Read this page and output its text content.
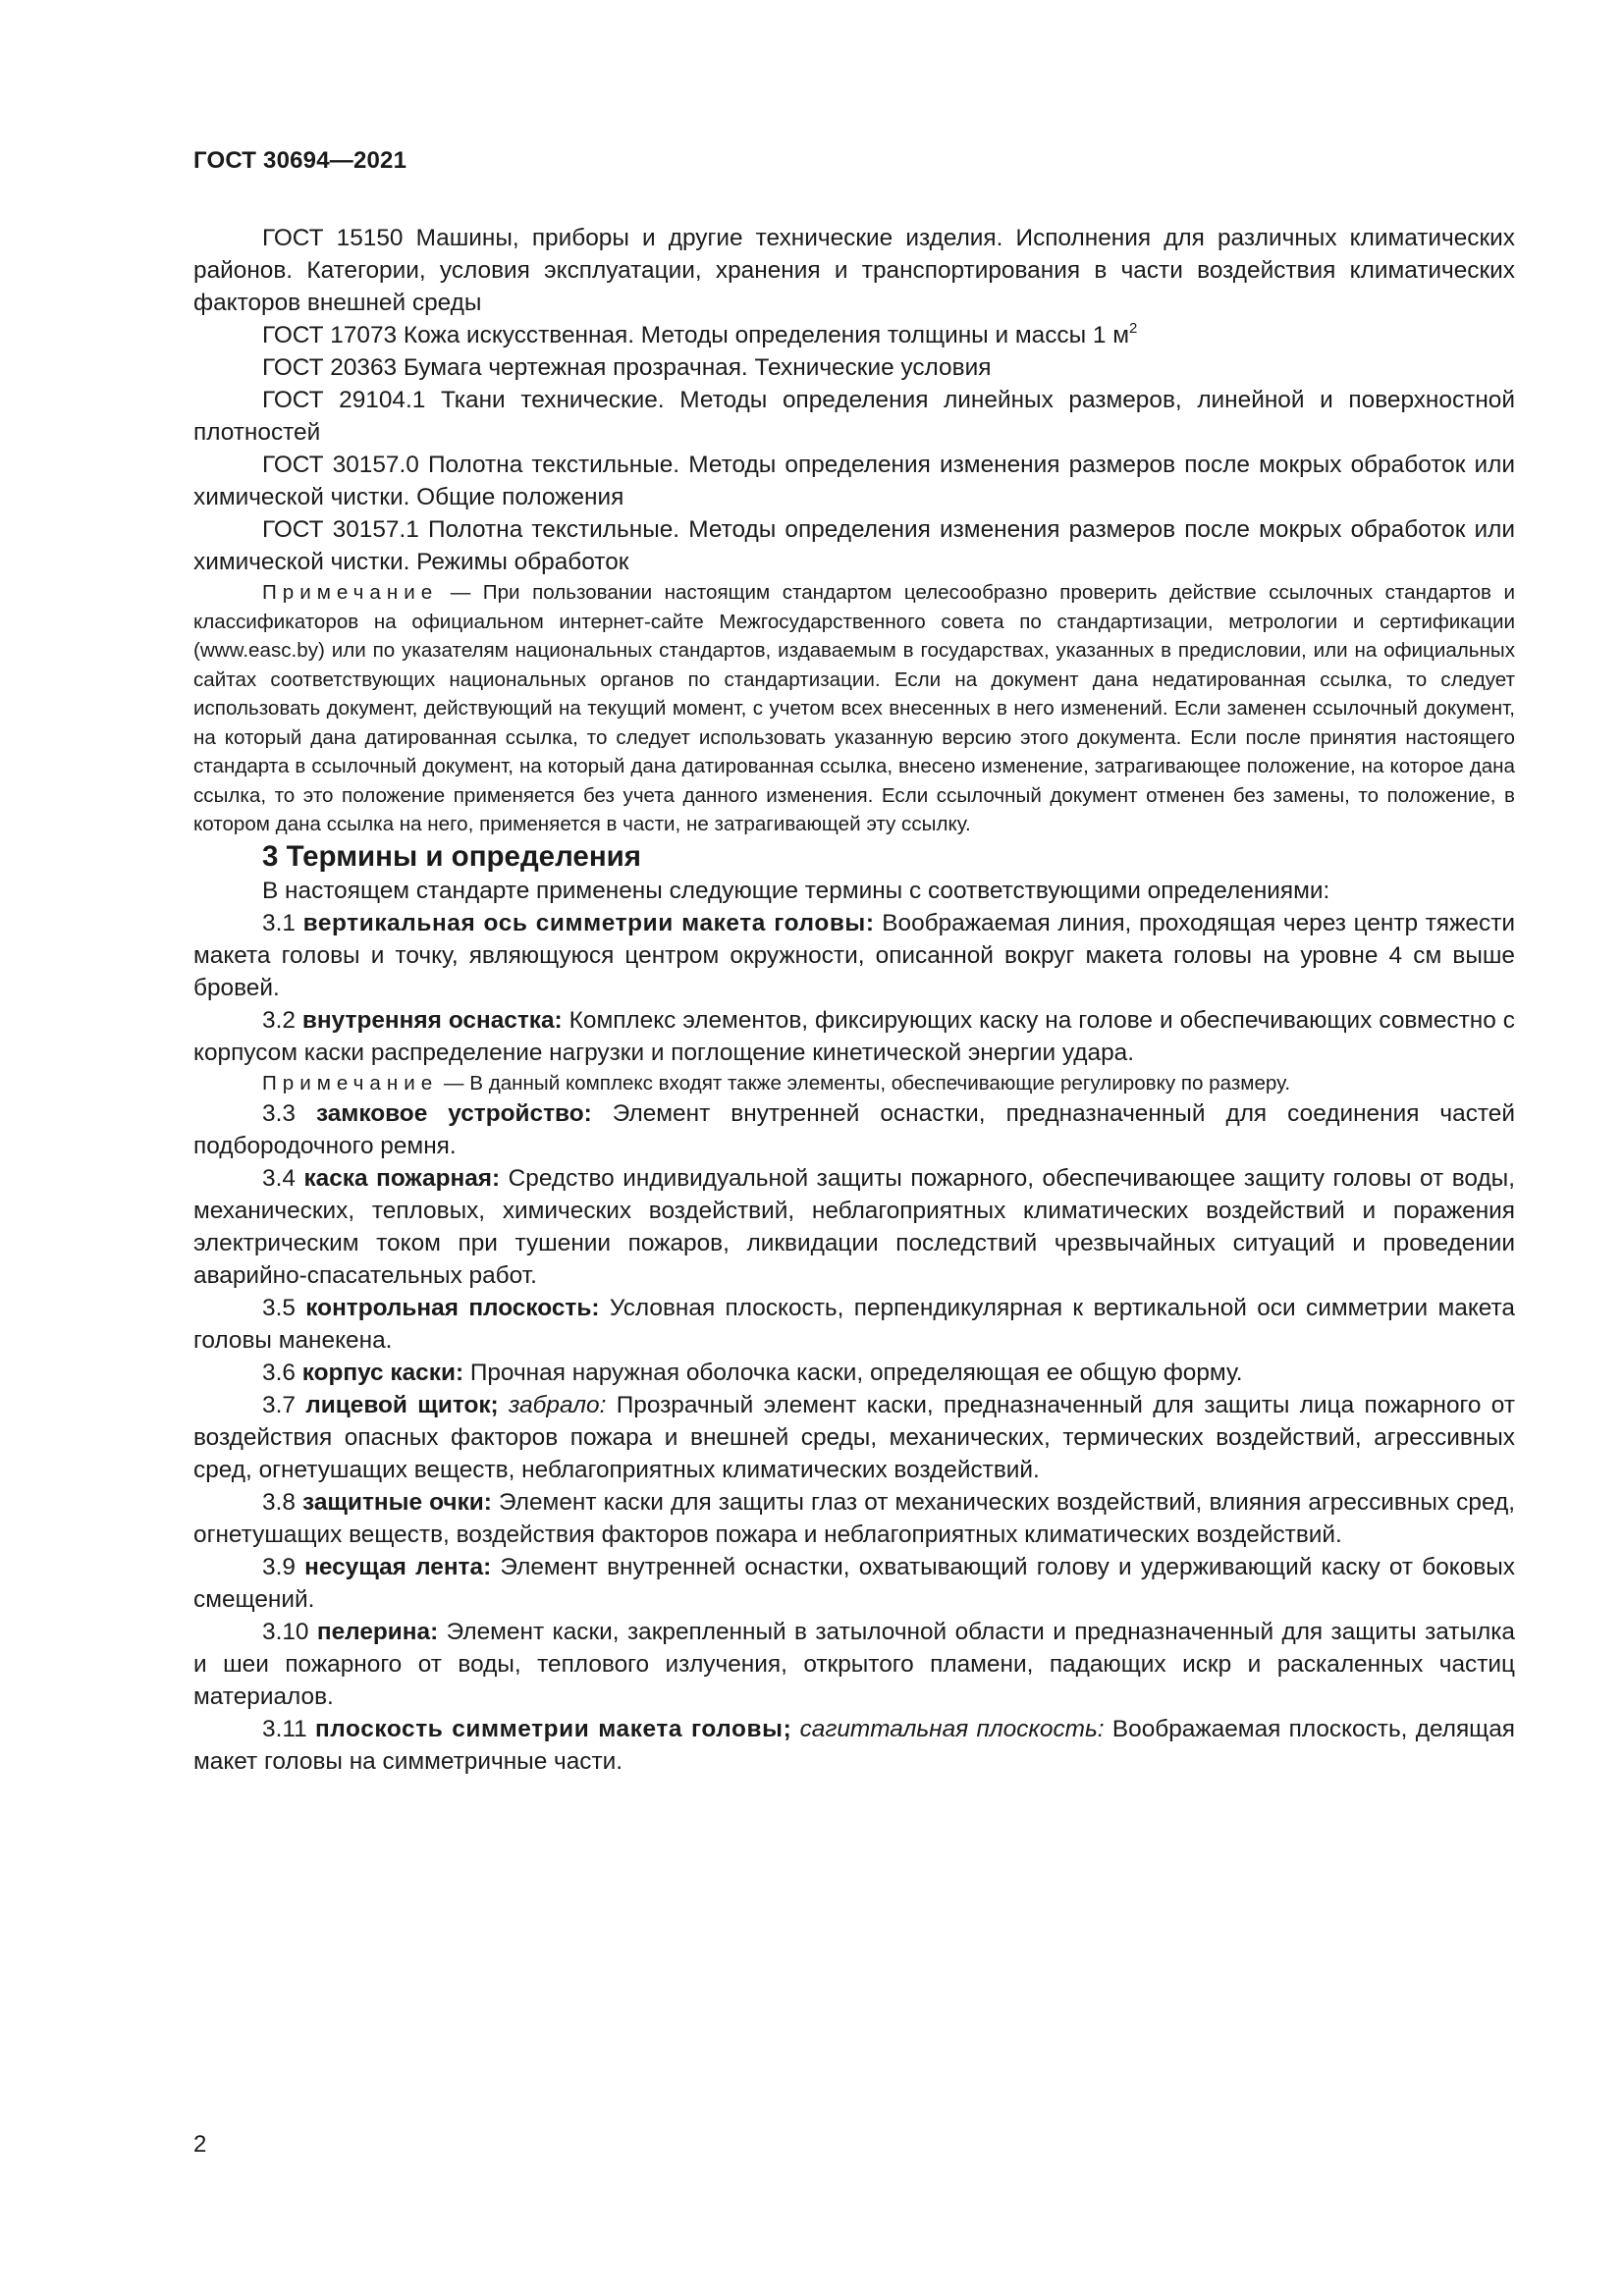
ГОСТ 30694—2021

ГОСТ 15150 Машины, приборы и другие технические изделия. Исполнения для различных климатических районов. Категории, условия эксплуатации, хранения и транспортирования в части воздействия климатических факторов внешней среды

ГОСТ 17073 Кожа искусственная. Методы определения толщины и массы 1 $м^2$

ГОСТ 20363 Бумага чертежная прозрачная. Технические условия

ГОСТ 29104.1 Ткани технические. Методы определения линейных размеров, линейной и поверхностной плотностей

ГОСТ 30157.0 Полотна текстильные. Методы определения изменения размеров после мокрых обработок или химической чистки. Общие положения

ГОСТ 30157.1 Полотна текстильные. Методы определения изменения размеров после мокрых обработок или химической чистки. Режимы обработок

Примечание — При пользовании настоящим стандартом целесообразно проверить действие ссылочных стандартов и классификаторов на официальном интернет-сайте Межгосударственного совета по стандартизации, метрологии и сертификации (www.easc.by) или по указателям национальных стандартов, издаваемым в государствах, указанных в предисловии, или на официальных сайтах соответствующих национальных органов по стандартизации. Если на документ дана недатированная ссылка, то следует использовать документ, действующий на текущий момент, с учетом всех внесенных в него изменений. Если заменен ссылочный документ, на который дана датированная ссылка, то следует использовать указанную версию этого документа. Если после принятия настоящего стандарта в ссылочный документ, на который дана датированная ссылка, внесено изменение, затрагивающее положение, на которое дана ссылка, то это положение применяется без учета данного изменения. Если ссылочный документ отменен без замены, то положение, в котором дана ссылка на него, применяется в части, не затрагивающей эту ссылку.

3 Термины и определения

В настоящем стандарте применены следующие термины с соответствующими определениями:

3.1 вертикальная ось симметрии макета головы: Воображаемая линия, проходящая через центр тяжести макета головы и точку, являющуюся центром окружности, описанной вокруг макета головы на уровне 4 см выше бровей.

3.2 внутренняя оснастка: Комплекс элементов, фиксирующих каску на голове и обеспечивающих совместно с корпусом каски распределение нагрузки и поглощение кинетической энергии удара.

Примечание — В данный комплекс входят также элементы, обеспечивающие регулировку по размеру.

3.3 замковое устройство: Элемент внутренней оснастки, предназначенный для соединения частей подбородочного ремня.

3.4 каска пожарная: Средство индивидуальной защиты пожарного, обеспечивающее защиту головы от воды, механических, тепловых, химических воздействий, неблагоприятных климатических воздействий и поражения электрическим током при тушении пожаров, ликвидации последствий чрезвычайных ситуаций и проведении аварийно-спасательных работ.

3.5 контрольная плоскость: Условная плоскость, перпендикулярная к вертикальной оси симметрии макета головы манекена.

3.6 корпус каски: Прочная наружная оболочка каски, определяющая ее общую форму.

3.7 лицевой щиток; забрало: Прозрачный элемент каски, предназначенный для защиты лица пожарного от воздействия опасных факторов пожара и внешней среды, механических, термических воздействий, агрессивных сред, огнетушащих веществ, неблагоприятных климатических воздействий.

3.8 защитные очки: Элемент каски для защиты глаз от механических воздействий, влияния агрессивных сред, огнетушащих веществ, воздействия факторов пожара и неблагоприятных климатических воздействий.

3.9 несущая лента: Элемент внутренней оснастки, охватывающий голову и удерживающий каску от боковых смещений.

3.10 пелерина: Элемент каски, закрепленный в затылочной области и предназначенный для защиты затылка и шеи пожарного от воды, теплового излучения, открытого пламени, падающих искр и раскаленных частиц материалов.

3.11 плоскость симметрии макета головы; сагиттальная плоскость: Воображаемая плоскость, делящая макет головы на симметричные части.

2
